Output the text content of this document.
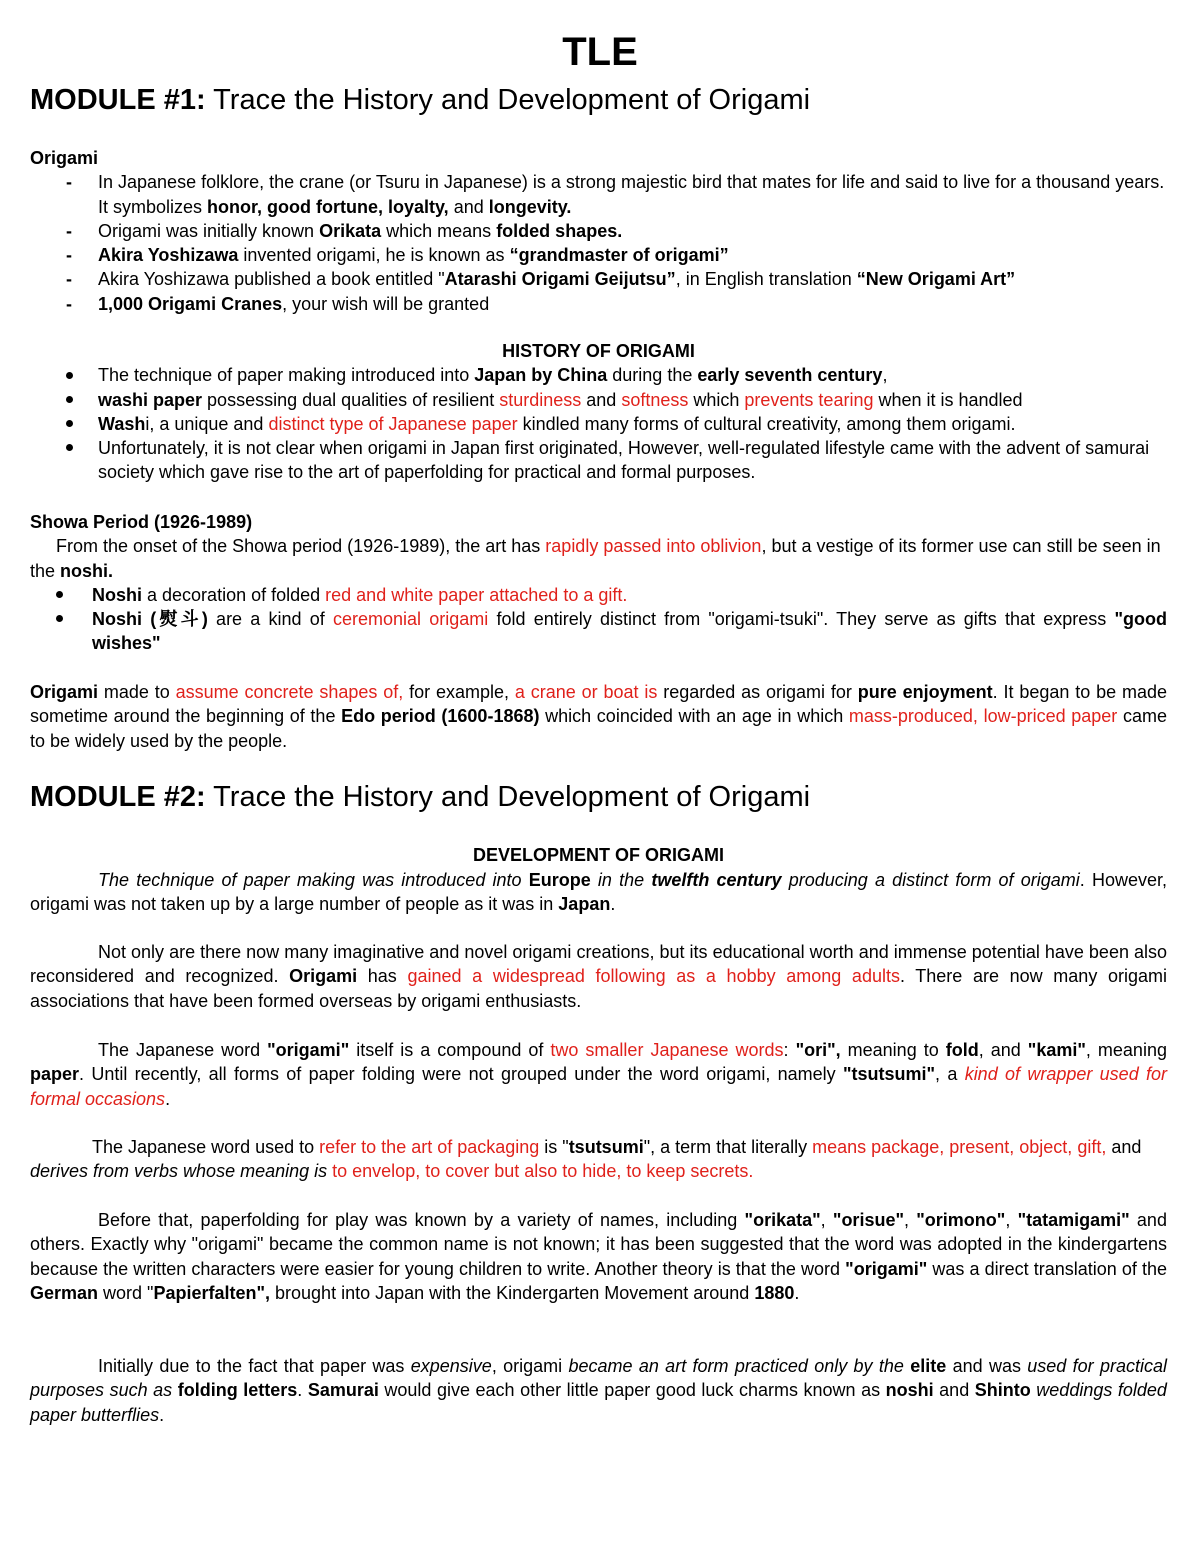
TLE
MODULE #1: Trace the History and Development of Origami
Origami
- In Japanese folklore, the crane (or Tsuru in Japanese) is a strong majestic bird that mates for life and said to live for a thousand years. It symbolizes honor, good fortune, loyalty, and longevity.
- Origami was initially known Orikata which means folded shapes.
- Akira Yoshizawa invented origami, he is known as “grandmaster of origami”
- Akira Yoshizawa published a book entitled "Atarashi Origami Geijutsu”, in English translation “New Origami Art”
- 1,000 Origami Cranes, your wish will be granted
HISTORY OF ORIGAMI
The technique of paper making introduced into Japan by China during the early seventh century,
washi paper possessing dual qualities of resilient sturdiness and softness which prevents tearing when it is handled
Washi, a unique and distinct type of Japanese paper kindled many forms of cultural creativity, among them origami.
Unfortunately, it is not clear when origami in Japan first originated, However, well-regulated lifestyle came with the advent of samurai society which gave rise to the art of paperfolding for practical and formal purposes.
Showa Period (1926-1989)

From the onset of the Showa period (1926-1989), the art has rapidly passed into oblivion, but a vestige of its former use can still be seen in the noshi.

Noshi a decoration of folded red and white paper attached to a gift.
Noshi (熨斗) are a kind of ceremonial origami fold entirely distinct from "origami-tsuki". They serve as gifts that express "good wishes"
Origami made to assume concrete shapes of, for example, a crane or boat is regarded as origami for pure enjoyment. It began to be made sometime around the beginning of the Edo period (1600-1868) which coincided with an age in which mass-produced, low-priced paper came to be widely used by the people.
MODULE #2: Trace the History and Development of Origami
DEVELOPMENT OF ORIGAMI

The technique of paper making was introduced into Europe in the twelfth century producing a distinct form of origami. However, origami was not taken up by a large number of people as it was in Japan.

Not only are there now many imaginative and novel origami creations, but its educational worth and immense potential have been also reconsidered and recognized. Origami has gained a widespread following as a hobby among adults. There are now many origami associations that have been formed overseas by origami enthusiasts.

The Japanese word "origami" itself is a compound of two smaller Japanese words: "ori", meaning to fold, and "kami", meaning paper. Until recently, all forms of paper folding were not grouped under the word origami, namely "tsutsumi", a kind of wrapper used for formal occasions.

The Japanese word used to refer to the art of packaging is "tsutsumi", a term that literally means package, present, object, gift, and derives from verbs whose meaning is to envelop, to cover but also to hide, to keep secrets.

Before that, paperfolding for play was known by a variety of names, including "orikata", "orisue", "orimono", "tatamigami" and others. Exactly why "origami" became the common name is not known; it has been suggested that the word was adopted in the kindergartens because the written characters were easier for young children to write. Another theory is that the word "origami" was a direct translation of the German word "Papierfalten", brought into Japan with the Kindergarten Movement around 1880.

Initially due to the fact that paper was expensive, origami became an art form practiced only by the elite and was used for practical purposes such as folding letters. Samurai would give each other little paper good luck charms known as noshi and Shinto weddings folded paper butterflies.
